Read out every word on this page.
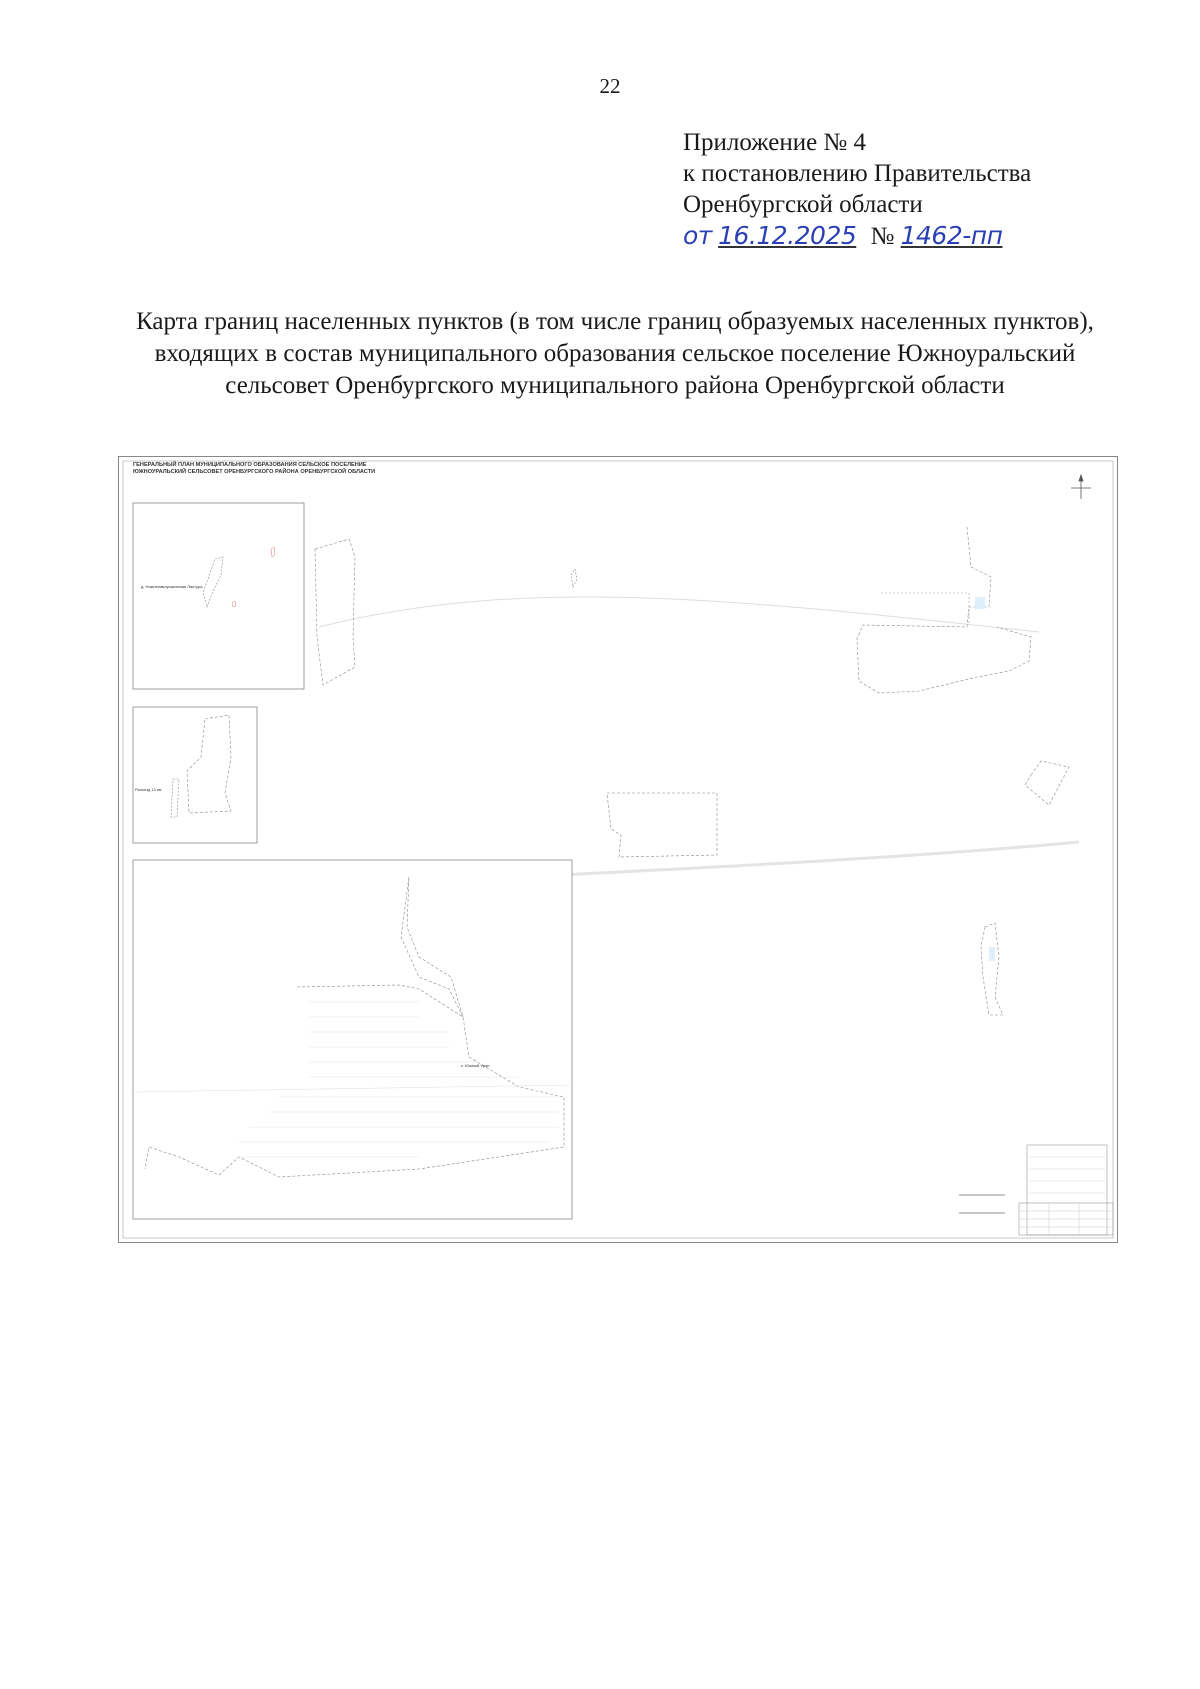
22
Приложение № 4
к постановлению Правительства
Оренбургской области
от 16.12.2025 № 1462-пп
Карта границ населенных пунктов (в том числе границ образуемых населенных пунктов), входящих в состав муниципального образования сельское поселение Южноуральский сельсовет Оренбургского муниципального района Оренбургской области
ГЕНЕРАЛЬНЫЙ ПЛАН МУНИЦИПАЛЬНОГО ОБРАЗОВАНИЯ СЕЛЬСКОЕ ПОСЕЛЕНИЕ
ЮЖНОУРАЛЬСКИЙ СЕЛЬСОВЕТ ОРЕНБУРГСКОГО РАЙОНА ОРЕНБУРГСКОЙ ОБЛАСТИ
д. Нижнепавлушкинская Ластура
Разъезд 13 км
с. Южный Урал
